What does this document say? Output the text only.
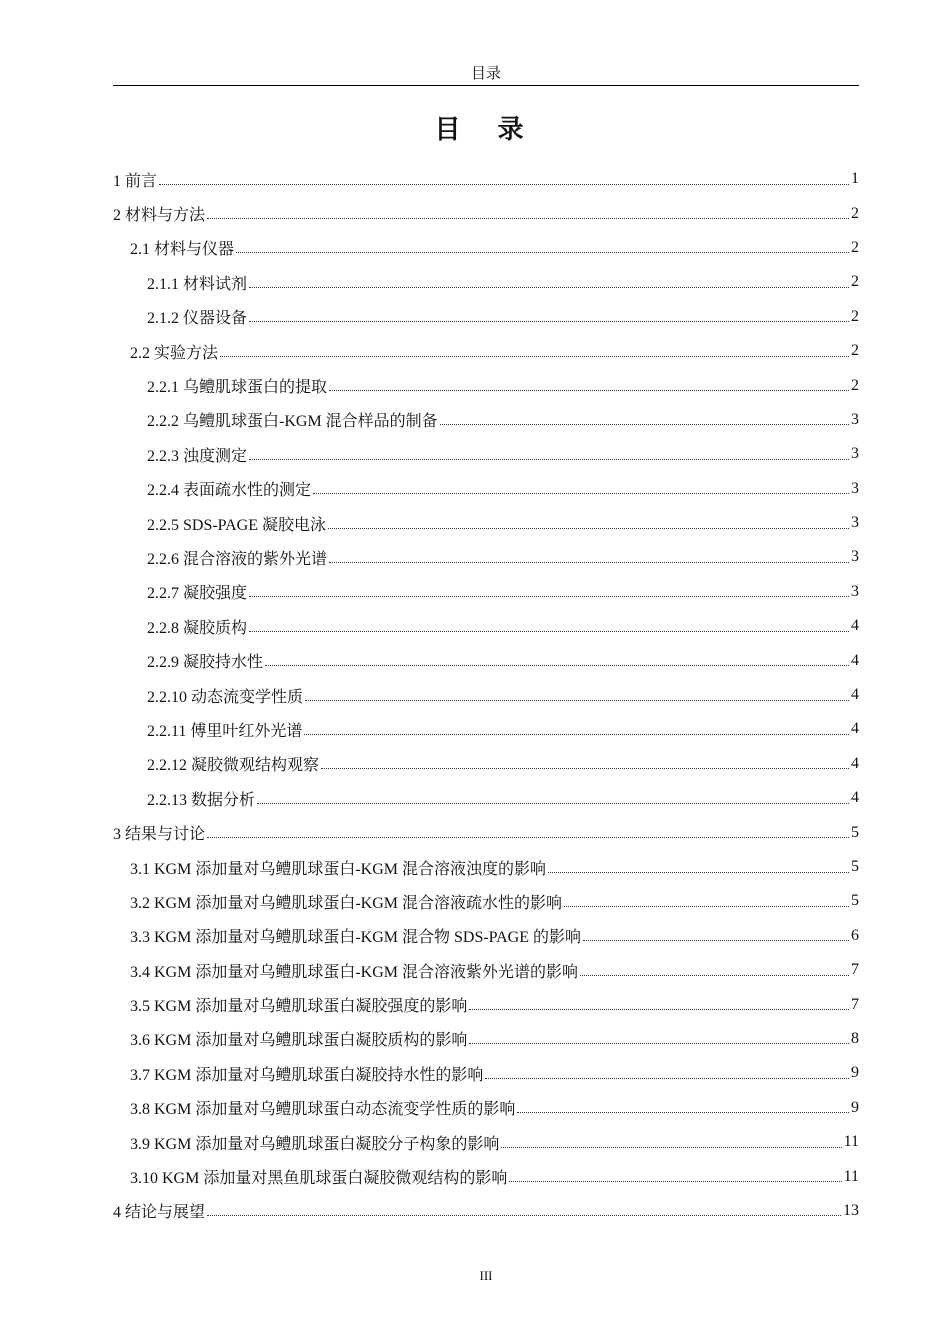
目录
目 录
1 前言	1
2 材料与方法	2
2.1 材料与仪器	2
2.1.1 材料试剂	2
2.1.2 仪器设备	2
2.2 实验方法	2
2.2.1 乌鳢肌球蛋白的提取	2
2.2.2 乌鳢肌球蛋白-KGM 混合样品的制备	3
2.2.3 浊度测定	3
2.2.4 表面疏水性的测定	3
2.2.5 SDS-PAGE 凝胶电泳	3
2.2.6 混合溶液的紫外光谱	3
2.2.7 凝胶强度	3
2.2.8 凝胶质构	4
2.2.9 凝胶持水性	4
2.2.10 动态流变学性质	4
2.2.11 傅里叶红外光谱	4
2.2.12 凝胶微观结构观察	4
2.2.13 数据分析	4
3 结果与讨论	5
3.1 KGM 添加量对乌鳢肌球蛋白-KGM 混合溶液浊度的影响	5
3.2 KGM 添加量对乌鳢肌球蛋白-KGM 混合溶液疏水性的影响	5
3.3 KGM 添加量对乌鳢肌球蛋白-KGM 混合物 SDS-PAGE 的影响	6
3.4 KGM 添加量对乌鳢肌球蛋白-KGM 混合溶液紫外光谱的影响	7
3.5 KGM 添加量对乌鳢肌球蛋白凝胶强度的影响	7
3.6 KGM 添加量对乌鳢肌球蛋白凝胶质构的影响	8
3.7 KGM 添加量对乌鳢肌球蛋白凝胶持水性的影响	9
3.8 KGM 添加量对乌鳢肌球蛋白动态流变学性质的影响	9
3.9 KGM 添加量对乌鳢肌球蛋白凝胶分子构象的影响	11
3.10 KGM 添加量对黑鱼肌球蛋白凝胶微观结构的影响	11
4 结论与展望	13
III
